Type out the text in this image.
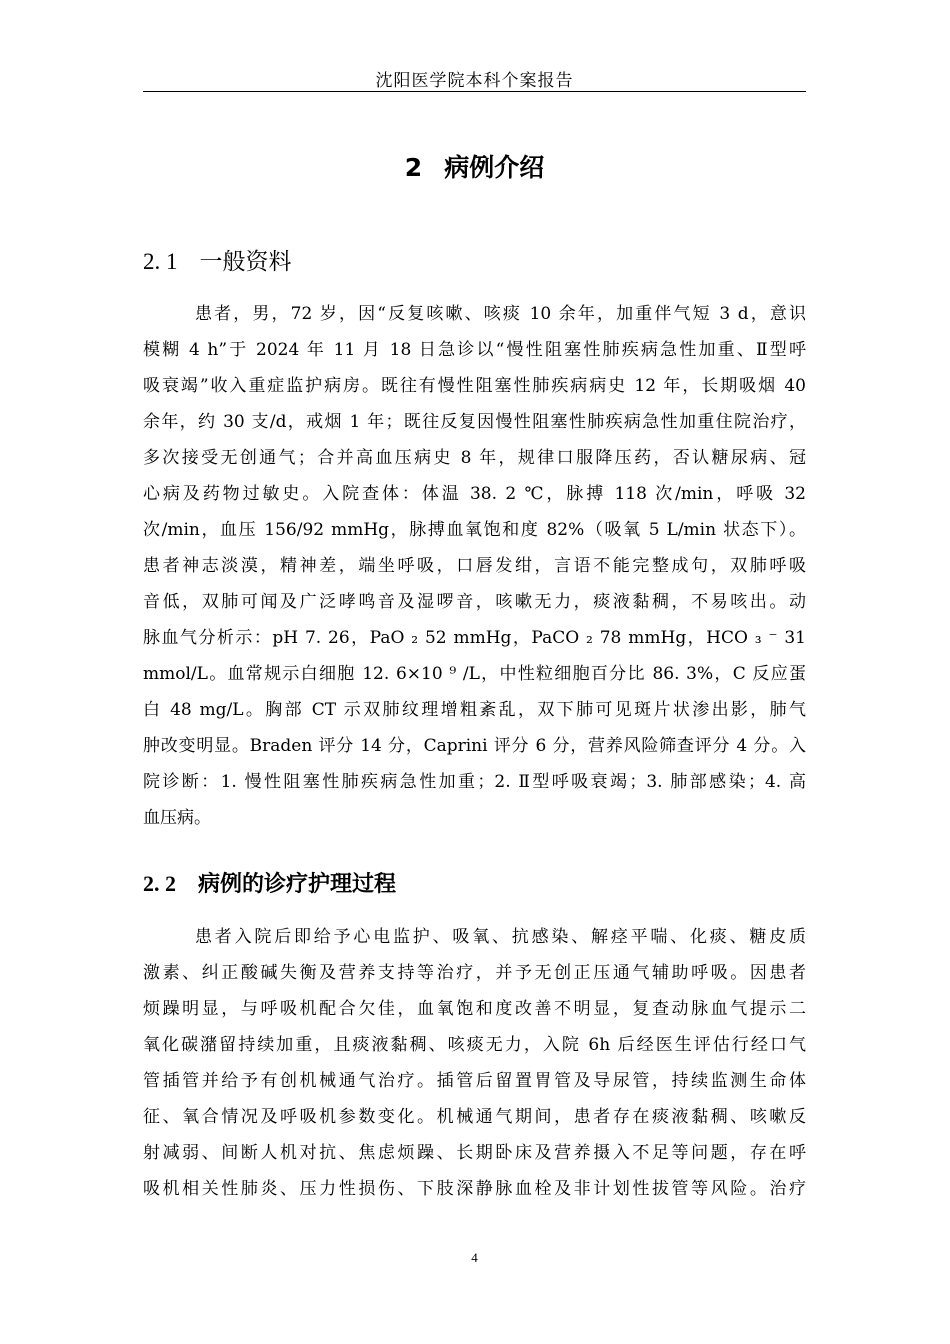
沈阳医学院本科个案报告
2 病例介绍
2. 1 一般资料
患者，男，72 岁，因“反复咳嗽、咳痰 10 余年，加重伴气短 3 d，意识
模糊 4 h”于 2024 年 11 月 18 日急诊以“慢性阻塞性肺疾病急性加重、Ⅱ型呼
吸衰竭”收入重症监护病房。既往有慢性阻塞性肺疾病病史 12 年，长期吸烟 40
余年，约 30 支/d，戒烟 1 年；既往反复因慢性阻塞性肺疾病急性加重住院治疗，
多次接受无创通气；合并高血压病史 8 年，规律口服降压药，否认糖尿病、冠
心病及药物过敏史。入院查体：体温 38. 2 ℃，脉搏 118 次/min，呼吸 32
次/min，血压 156/92 mmHg，脉搏血氧饱和度 82%（吸氧 5 L/min 状态下）。
患者神志淡漠，精神差，端坐呼吸，口唇发绀，言语不能完整成句，双肺呼吸
音低，双肺可闻及广泛哮鸣音及湿啰音，咳嗽无力，痰液黏稠，不易咳出。动
脉血气分析示：pH 7. 26，PaO ₂ 52 mmHg，PaCO ₂ 78 mmHg，HCO ₃ ⁻ 31
mmol/L。血常规示白细胞 12. 6×10 ⁹ /L，中性粒细胞百分比 86. 3%，C 反应蛋
白 48 mg/L。胸部 CT 示双肺纹理增粗紊乱，双下肺可见斑片状渗出影，肺气
肿改变明显。Braden 评分 14 分，Caprini 评分 6 分，营养风险筛查评分 4 分。入
院诊断：1. 慢性阻塞性肺疾病急性加重；2. Ⅱ型呼吸衰竭；3. 肺部感染；4. 高
血压病。
2. 2 病例的诊疗护理过程
患者入院后即给予心电监护、吸氧、抗感染、解痉平喘、化痰、糖皮质
激素、纠正酸碱失衡及营养支持等治疗，并予无创正压通气辅助呼吸。因患者
烦躁明显，与呼吸机配合欠佳，血氧饱和度改善不明显，复查动脉血气提示二
氧化碳潴留持续加重，且痰液黏稠、咳痰无力，入院 6h 后经医生评估行经口气
管插管并给予有创机械通气治疗。插管后留置胃管及导尿管，持续监测生命体
征、氧合情况及呼吸机参数变化。机械通气期间，患者存在痰液黏稠、咳嗽反
射减弱、间断人机对抗、焦虑烦躁、长期卧床及营养摄入不足等问题，存在呼
吸机相关性肺炎、压力性损伤、下肢深静脉血栓及非计划性拔管等风险。治疗
4
